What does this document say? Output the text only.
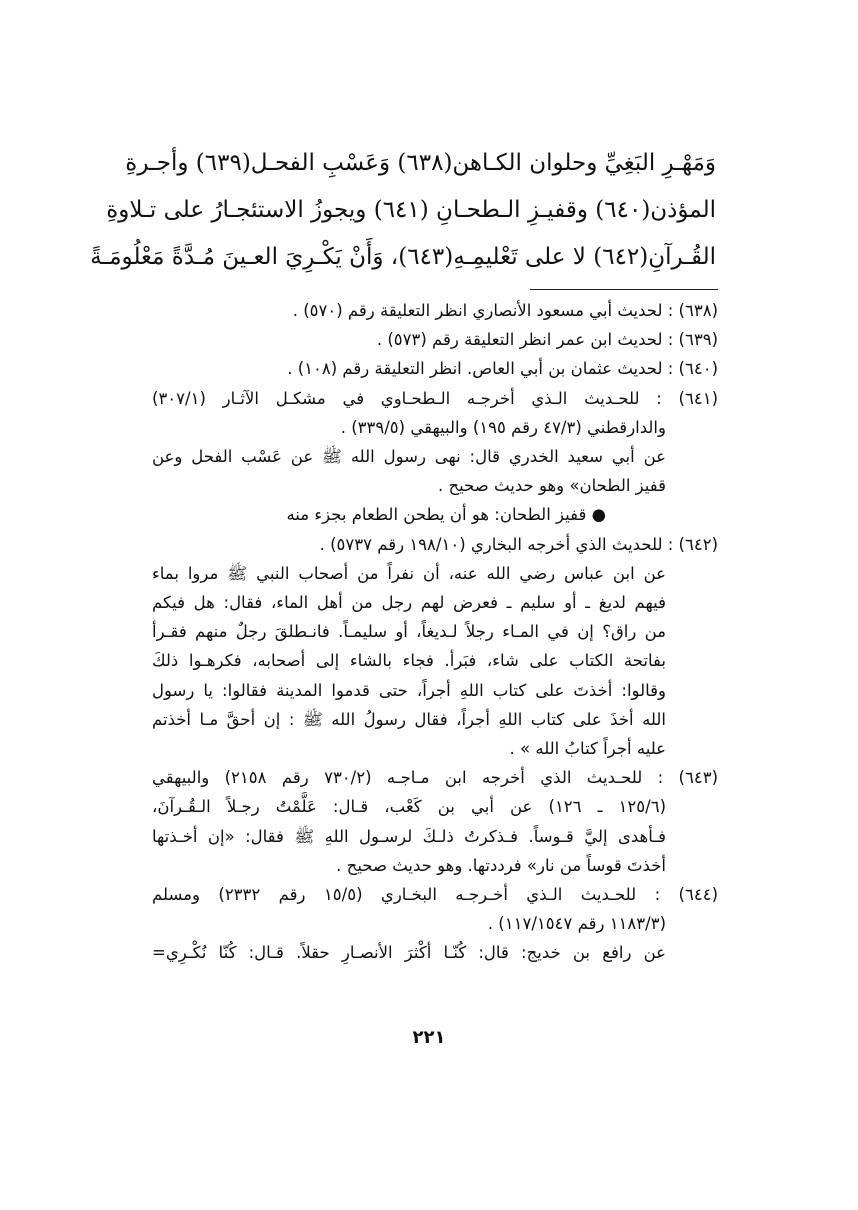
وَمَهْـرِ البَغِيِّ وحلوان الكـاهن(٦٣٨) وَعَسْبِ الفحـل(٦٣٩) وأجـرةِ
المؤذن(٦٤٠) وقفيـزِ الـطحـانِ (٦٤١) ويجوزُ الاستئجـارُ على تـلاوةِ
القُـرآنِ(٦٤٢) لا على تَعْليمِـهِ(٦٤٣)، وَأَنْ يَكْـرِيَ العـينَ مُـدَّةً مَعْلُومَـةً
(٦٣٨) : لحديث أبي مسعود الأنصاري انظر التعليقة رقم (٥٧٠) .
(٦٣٩) : لحديث ابن عمر انظر التعليقة رقم (٥٧٣) .
(٦٤٠) : لحديث عثمان بن أبي العاص. انظر التعليقة رقم (١٠٨) .
(٦٤١) : للحـديث الـذي أخرجـه الـطحـاوي في مشكـل الآثـار (٣٠٧/١)
والدارقطني (٤٧/٣ رقم ١٩٥) والبيهقي (٣٣٩/٥) .
عن أبي سعيد الخدري قال: نهى رسول الله ﷺ عن عَسْب الفحل وعن
قفيز الطحان» وهو حديث صحيح .
● قفيز الطحان: هو أن يطحن الطعام بجزء منه
(٦٤٢) : للحديث الذي أخرجه البخاري (١٩٨/١٠ رقم ٥٧٣٧) .
عن ابن عباس رضي الله عنه، أن نفراً من أصحاب النبي ﷺ مروا بماء
فيهم لديغ ـ أو سليم ـ فعرض لهم رجل من أهل الماء، فقال: هل فيكم
من راق؟ إن في المـاء رجلاً لـديغاً، أو سليمـاً. فانـطلقَ رجلٌ منهم فقـرأ
بفاتحة الكتاب على شاء، فبَرأ. فجاء بالشاء إلى أصحابه، فكرهـوا ذلكَ
وقالوا: أخذتَ على كتاب اللهِ أجراً، حتى قدموا المدينة فقالوا: يا رسول
الله أخذَ على كتاب اللهِ أجراً، فقال رسولُ الله ﷺ : إن أحقَّ مـا أخذتم
عليه أجراً كتابُ الله » .
(٦٤٣) : للحـديث الذي أخرجه ابن مـاجـه (٧٣٠/٢ رقم ٢١٥٨) والبيهقي
(١٢٥/٦ ـ ١٢٦) عن أبي بن كَعْب، قـال: عَلَّمْتُ رجـلاً الـقُـرآنَ،
فـأهدى إليَّ قـوساً. فـذكرتُ ذلـكَ لرسـول اللهِ ﷺ فقال: «إن أخـذتها
أخذتَ قوساً من نار» فرددتها. وهو حديث صحيح .
(٦٤٤) : للحـديث الـذي أخـرجـه البخـاري (١٥/٥ رقم ٢٣٣٢) ومسلم
(١١٨٣/٣ رقم ١١٧/١٥٤٧) .
عن رافع بن خديج: قال: كُنّـا أكْثرَ الأنصـارِ حقلاً. قـال: كُنّا نُكْـرِي=
٢٢١
